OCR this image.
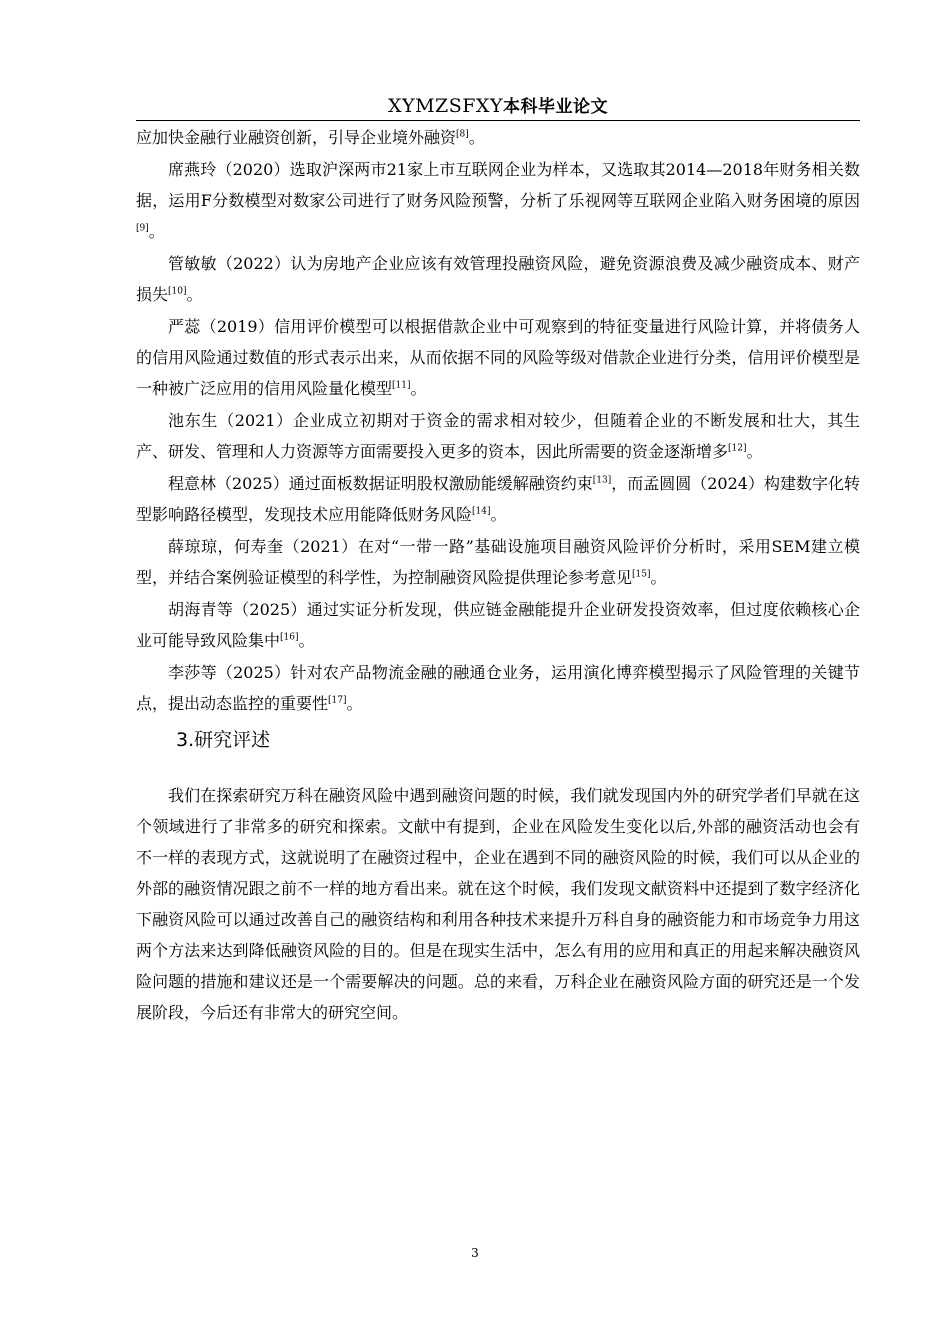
XYMZSFXY本科毕业论文

应加快金融行业融资创新，引导企业境外融资[8]。

席燕玲（2020）选取沪深两市21家上市互联网企业为样本，又选取其2014—2018年财务相关数据，运用F分数模型对数家公司进行了财务风险预警，分析了乐视网等互联网企业陷入财务困境的原因[9]。

管敏敏（2022）认为房地产企业应该有效管理投融资风险，避免资源浪费及减少融资成本、财产损失[10]。

严蕊（2019）信用评价模型可以根据借款企业中可观察到的特征变量进行风险计算，并将债务人的信用风险通过数值的形式表示出来，从而依据不同的风险等级对借款企业进行分类，信用评价模型是一种被广泛应用的信用风险量化模型[11]。

池东生（2021）企业成立初期对于资金的需求相对较少，但随着企业的不断发展和壮大，其生产、研发、管理和人力资源等方面需要投入更多的资本，因此所需要的资金逐渐增多[12]。

程意林（2025）通过面板数据证明股权激励能缓解融资约束[13]，而孟圆圆（2024）构建数字化转型影响路径模型，发现技术应用能降低财务风险[14]。

薛琼琼，何寿奎（2021）在对“一带一路”基础设施项目融资风险评价分析时，采用SEM建立模型，并结合案例验证模型的科学性，为控制融资风险提供理论参考意见[15]。

胡海青等（2025）通过实证分析发现，供应链金融能提升企业研发投资效率，但过度依赖核心企业可能导致风险集中[16]。

李莎等（2025）针对农产品物流金融的融通仓业务，运用演化博弈模型揭示了风险管理的关键节点，提出动态监控的重要性[17]。

3.研究评述

我们在探索研究万科在融资风险中遇到融资问题的时候，我们就发现国内外的研究学者们早就在这个领域进行了非常多的研究和探索。文献中有提到，企业在风险发生变化以后,外部的融资活动也会有不一样的表现方式，这就说明了在融资过程中，企业在遇到不同的融资风险的时候，我们可以从企业的外部的融资情况跟之前不一样的地方看出来。就在这个时候，我们发现文献资料中还提到了数字经济化下融资风险可以通过改善自己的融资结构和利用各种技术来提升万科自身的融资能力和市场竞争力用这两个方法来达到降低融资风险的目的。但是在现实生活中，怎么有用的应用和真正的用起来解决融资风险问题的措施和建议还是一个需要解决的问题。总的来看，万科企业在融资风险方面的研究还是一个发展阶段，今后还有非常大的研究空间。

3
